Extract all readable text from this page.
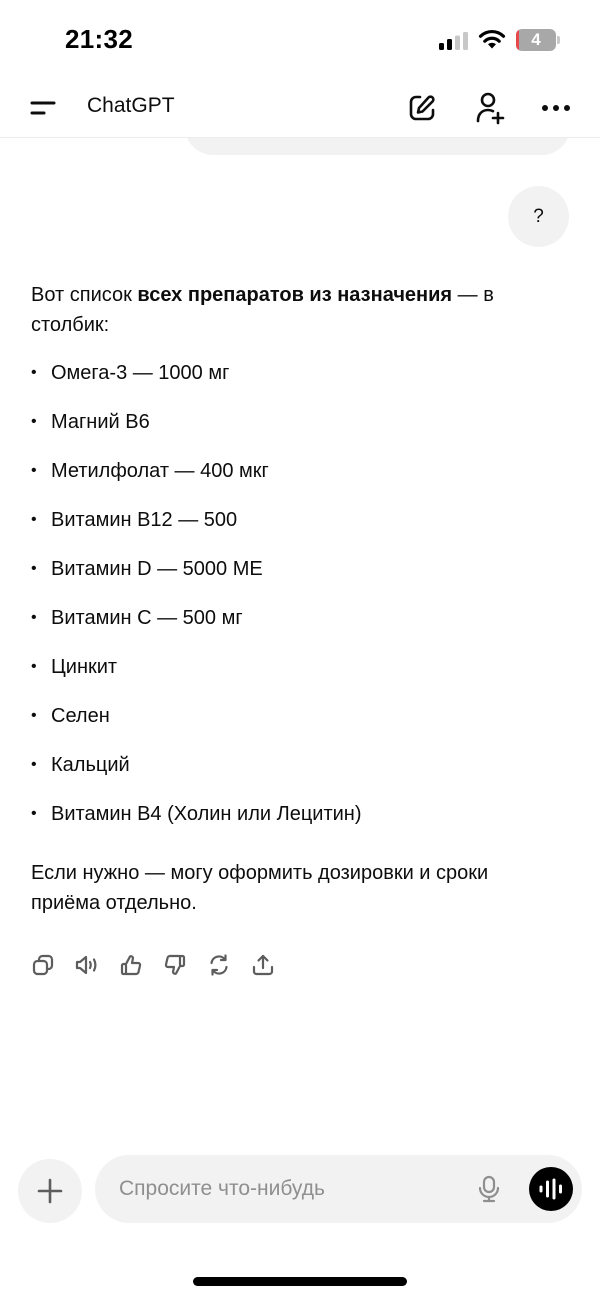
21:32	4
ChatGPT
?

Вот список всех препаратов из назначения — в столбик:

• Омега-3 — 1000 мг
• Магний B6
• Метилфолат — 400 мкг
• Витамин B12 — 500
• Витамин D — 5000 МЕ
• Витамин C — 500 мг
• Цинкит
• Селен
• Кальций
• Витамин B4 (Холин или Лецитин)

Если нужно — могу оформить дозировки и сроки приёма отдельно.

Спросите что-нибудь
